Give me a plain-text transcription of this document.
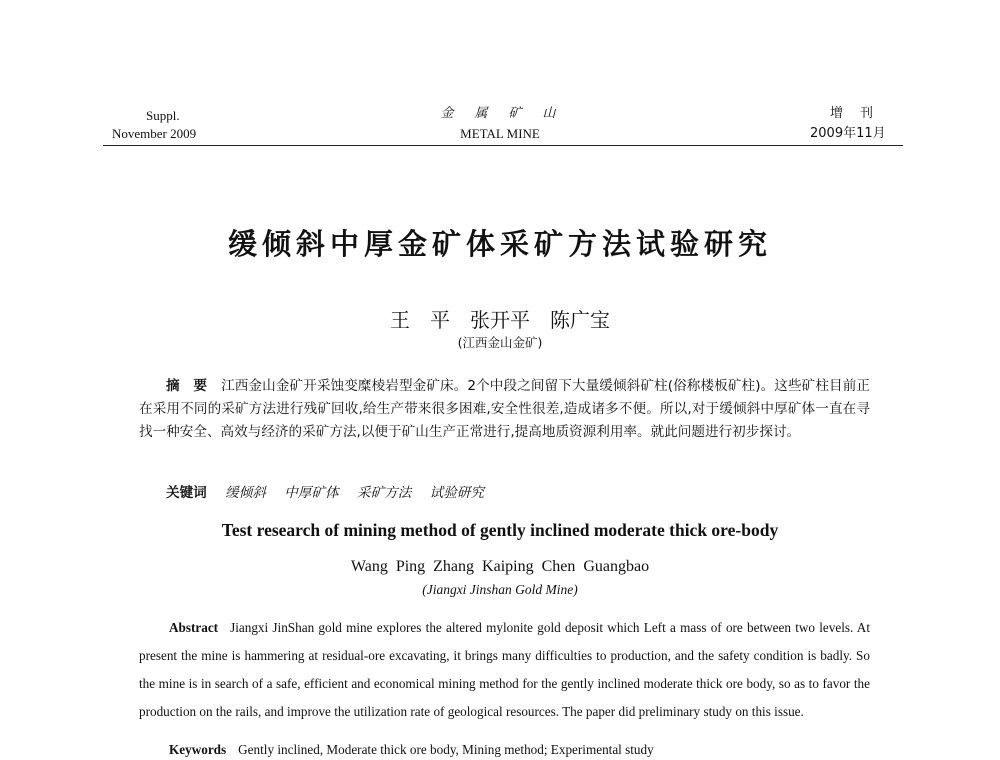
Suppl.
November 2009
金　属　矿　山
METAL MINE
增　刊
2009年11月
缓倾斜中厚金矿体采矿方法试验研究
王　平　张开平　陈广宝
(江西金山金矿)
摘　要 江西金山金矿开采蚀变糜棱岩型金矿床。2个中段之间留下大量缓倾斜矿柱(俗称楼板矿柱)。这些矿柱目前正在采用不同的采矿方法进行残矿回收,给生产带来很多困难,安全性很差,造成诸多不便。所以,对于缓倾斜中厚矿体一直在寻找一种安全、高效与经济的采矿方法,以便于矿山生产正常进行,提高地质资源利用率。就此问题进行初步探讨。
关键词 缓倾斜 中厚矿体 采矿方法 试验研究
Test research of mining method of gently inclined moderate thick ore-body
Wang Ping Zhang Kaiping Chen Guangbao
(Jiangxi Jinshan Gold Mine)
Abstract Jiangxi JinShan gold mine explores the altered mylonite gold deposit which Left a mass of ore between two levels. At present the mine is hammering at residual-ore excavating, it brings many difficulties to production, and the safety condition is badly. So the mine is in search of a safe, efficient and economical mining method for the gently inclined moderate thick ore body, so as to favor the production on the rails, and improve the utilization rate of geological resources. The paper did preliminary study on this issue.
Keywords Gently inclined, Moderate thick ore body, Mining method; Experimental study
